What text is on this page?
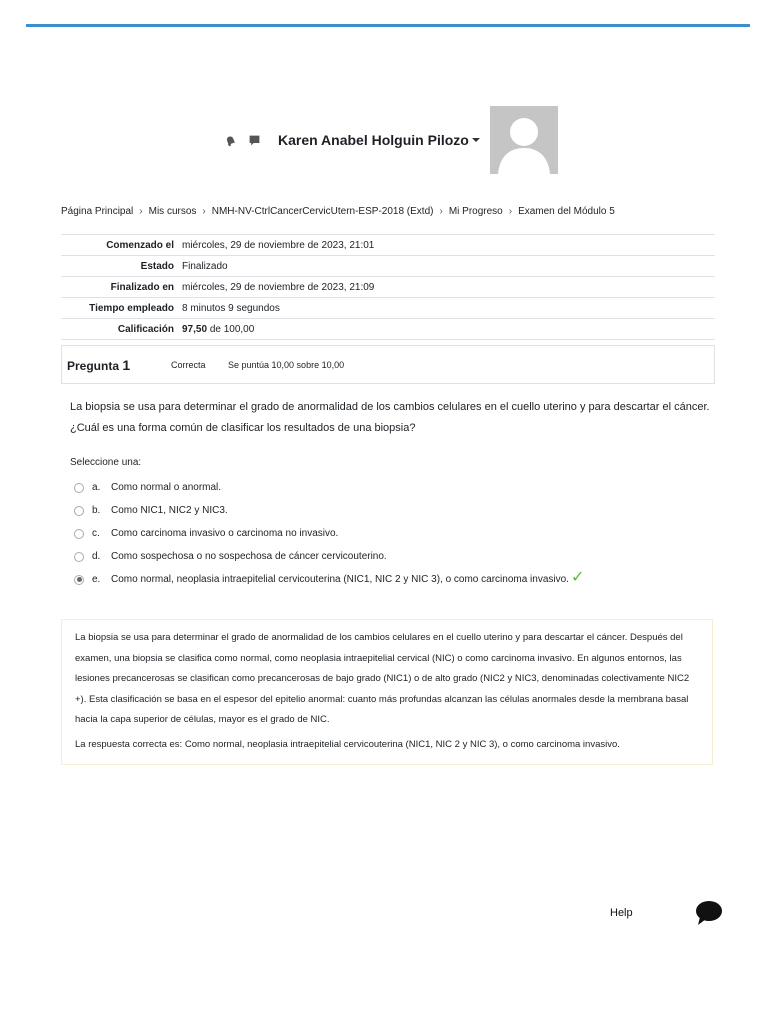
Karen Anabel Holguin Pilozo
Página Principal › Mis cursos › NMH-NV-CtrlCancerCervicUtern-ESP-2018 (Extd) › Mi Progreso › Examen del Módulo 5
Comenzado el	miércoles, 29 de noviembre de 2023, 21:01
Estado	Finalizado
Finalizado en	miércoles, 29 de noviembre de 2023, 21:09
Tiempo empleado	8 minutos 9 segundos
Calificación	97,50 de 100,00
Pregunta 1	Correcta	Se puntúa 10,00 sobre 10,00
La biopsia se usa para determinar el grado de anormalidad de los cambios celulares en el cuello uterino y para descartar el cáncer. ¿Cuál es una forma común de clasificar los resultados de una biopsia?
Seleccione una:
a.	Como normal o anormal.
b.	Como NIC1, NIC2 y NIC3.
c.	Como carcinoma invasivo o carcinoma no invasivo.
d.	Como sospechosa o no sospechosa de cáncer cervicouterino.
e.	Como normal, neoplasia intraepitelial cervicouterina (NIC1, NIC 2 y NIC 3), o como carcinoma invasivo. ✓

La biopsia se usa para determinar el grado de anormalidad de los cambios celulares en el cuello uterino y para descartar el cáncer. Después del examen, una biopsia se clasifica como normal, como neoplasia intraepitelial cervical (NIC) o como carcinoma invasivo. En algunos entornos, las lesiones precancerosas se clasifican como precancerosas de bajo grado (NIC1) o de alto grado (NIC2 y NIC3, denominadas colectivamente NIC2 +). Esta clasificación se basa en el espesor del epitelio anormal: cuanto más profundas alcanzan las células anormales desde la membrana basal hacia la capa superior de células, mayor es el grado de NIC.

La respuesta correcta es: Como normal, neoplasia intraepitelial cervicouterina (NIC1, NIC 2 y NIC 3), o como carcinoma invasivo.

Help
